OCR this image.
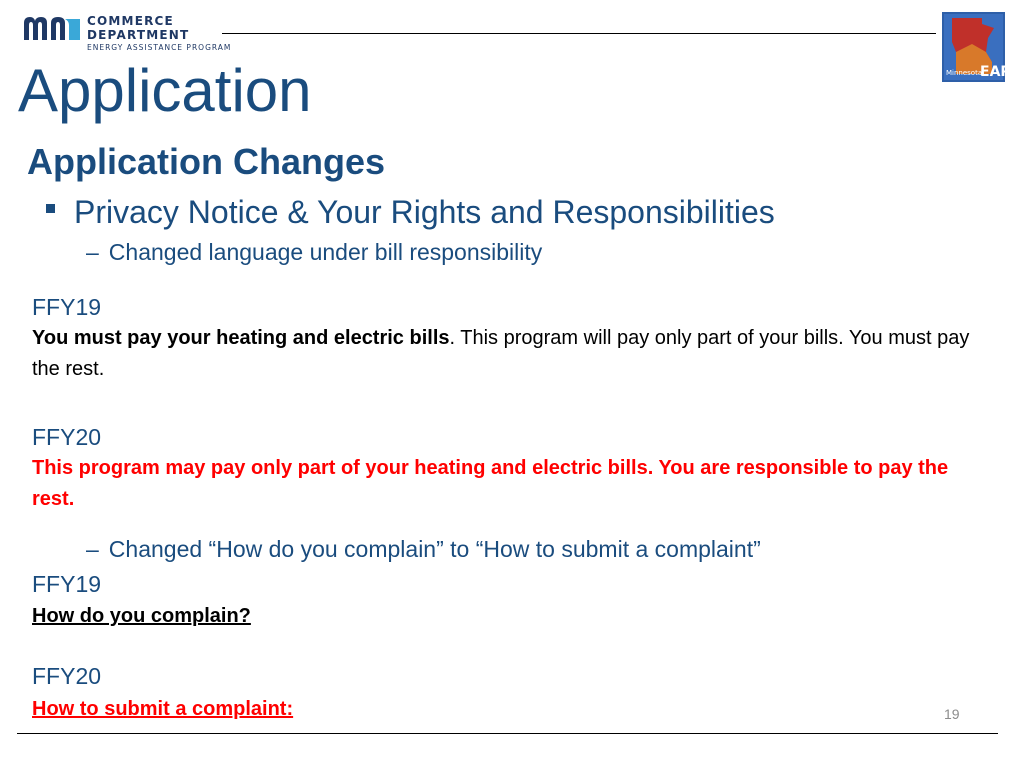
COMMERCE
DEPARTMENT
ENERGY ASSISTANCE PROGRAM
Minnesota
EAP
Application
Application Changes
Privacy Notice & Your Rights and Responsibilities
– Changed language under bill responsibility
FFY19
You must pay your heating and electric bills. This program will pay only part of your bills. You must pay the rest.
FFY20
This program may pay only part of your heating and electric bills. You are responsible to pay the rest.
– Changed “How do you complain” to “How to submit a complaint”
FFY19
How do you complain?
FFY20
How to submit a complaint:	19
